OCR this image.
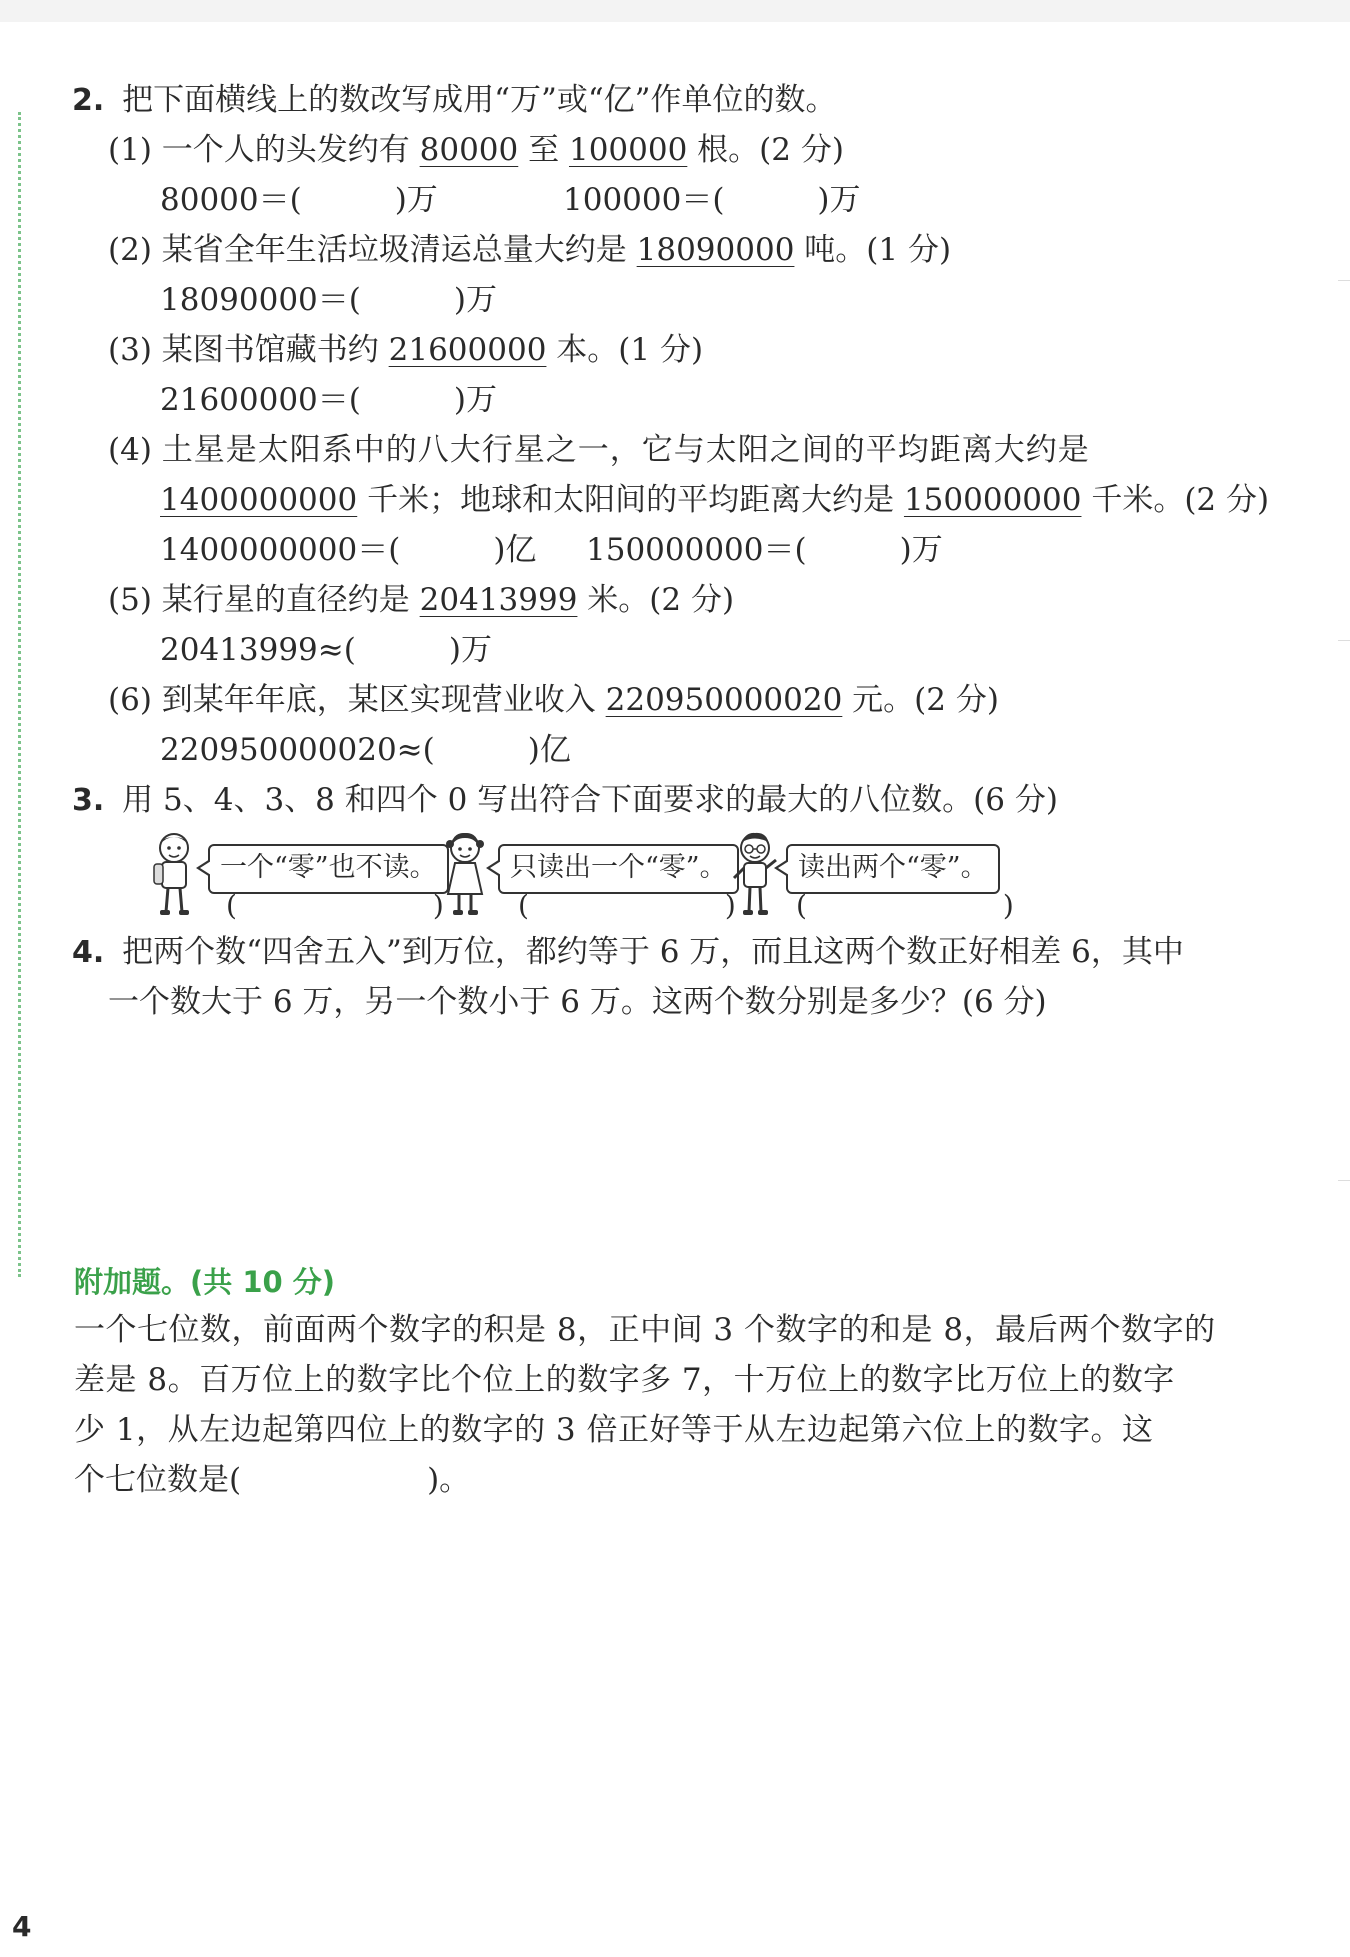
2. 把下面横线上的数改写成用“万”或“亿”作单位的数。
(1) 一个人的头发约有 80000 至 100000 根。(2 分)
80000＝(　　　)万	100000＝(　　　)万
(2) 某省全年生活垃圾清运总量大约是 18090000 吨。(1 分)
18090000＝(　　　)万
(3) 某图书馆藏书约 21600000 本。(1 分)
21600000＝(　　　)万
(4) 土星是太阳系中的八大行星之一，它与太阳之间的平均距离大约是
1400000000 千米；地球和太阳间的平均距离大约是 150000000 千米。(2 分)
1400000000＝(　　　)亿 150000000＝(　　　)万
(5) 某行星的直径约是 20413999 米。(2 分)
20413999≈(　　　)万
(6) 到某年年底，某区实现营业收入 220950000020 元。(2 分)
220950000020≈(　　　)亿
3. 用 5、4、3、8 和四个 0 写出符合下面要求的最大的八位数。(6 分)
一个“零”也不读。
(　　　　　　　)
只读出一个“零”。
(　　　　　　　)
读出两个“零”。
(　　　　　　　)
4. 把两个数“四舍五入”到万位，都约等于 6 万，而且这两个数正好相差 6，其中
一个数大于 6 万，另一个数小于 6 万。这两个数分别是多少？(6 分)
附加题。(共 10 分)
一个七位数，前面两个数字的积是 8，正中间 3 个数字的和是 8，最后两个数字的
差是 8。百万位上的数字比个位上的数字多 7，十万位上的数字比万位上的数字
少 1，从左边起第四位上的数字的 3 倍正好等于从左边起第六位上的数字。这
个七位数是(　　　　　　)。
4
